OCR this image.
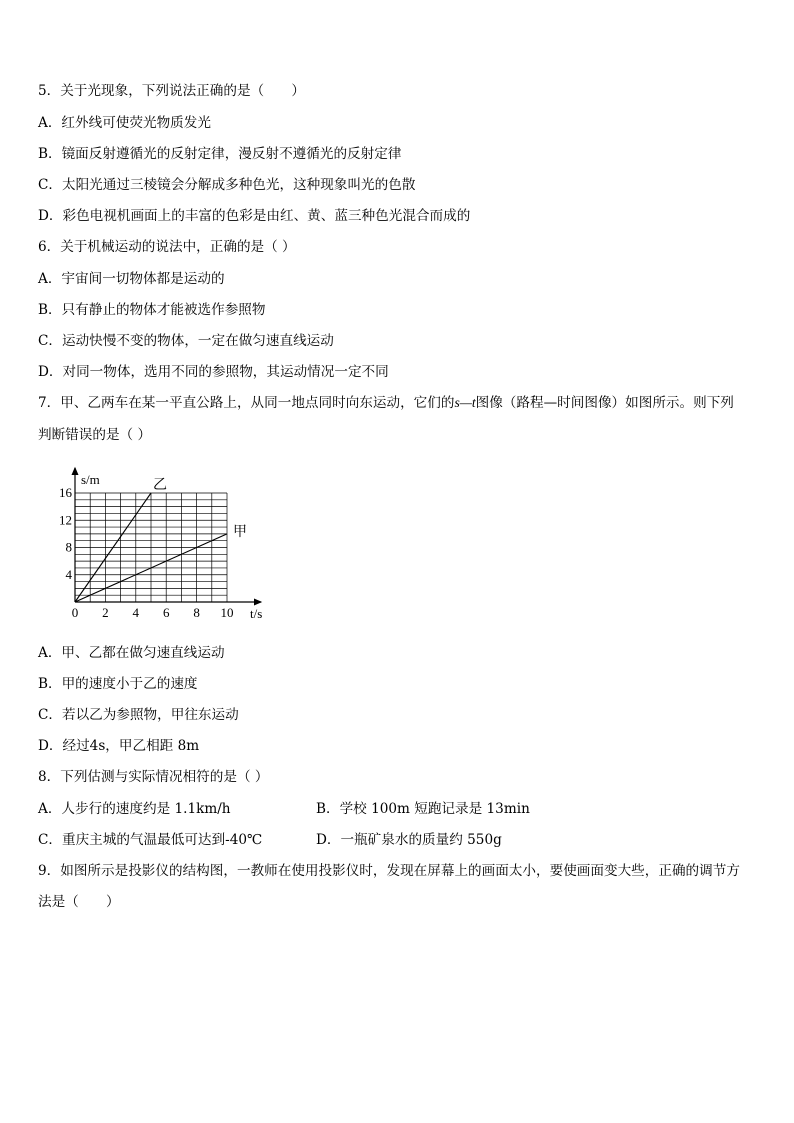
5．关于光现象，下列说法正确的是（　　）
A．红外线可使荧光物质发光
B．镜面反射遵循光的反射定律，漫反射不遵循光的反射定律
C．太阳光通过三棱镜会分解成多种色光，这种现象叫光的色散
D．彩色电视机画面上的丰富的色彩是由红、黄、蓝三种色光混合而成的
6．关于机械运动的说法中，正确的是（ ）
A．宇宙间一切物体都是运动的
B．只有静止的物体才能被选作参照物
C．运动快慢不变的物体，一定在做匀速直线运动
D．对同一物体，选用不同的参照物，其运动情况一定不同
7．甲、乙两车在某一平直公路上，从同一地点同时向东运动，它们的s—t图像（路程—时间图像）如图所示。则下列
判断错误的是（ ）
0 2 4 6 8 10
4
8
12
16
s/m
t/s
乙
甲
A．甲、乙都在做匀速直线运动
B．甲的速度小于乙的速度
C．若以乙为参照物，甲往东运动
D．经过4s，甲乙相距 8m
8．下列估测与实际情况相符的是（ ）
A．人步行的速度约是 1.1km/h	B．学校 100m 短跑记录是 13min
C．重庆主城的气温最低可达到-40℃	D．一瓶矿泉水的质量约 550g
9．如图所示是投影仪的结构图，一教师在使用投影仪时，发现在屏幕上的画面太小，要使画面变大些，正确的调节方
法是（　　）
